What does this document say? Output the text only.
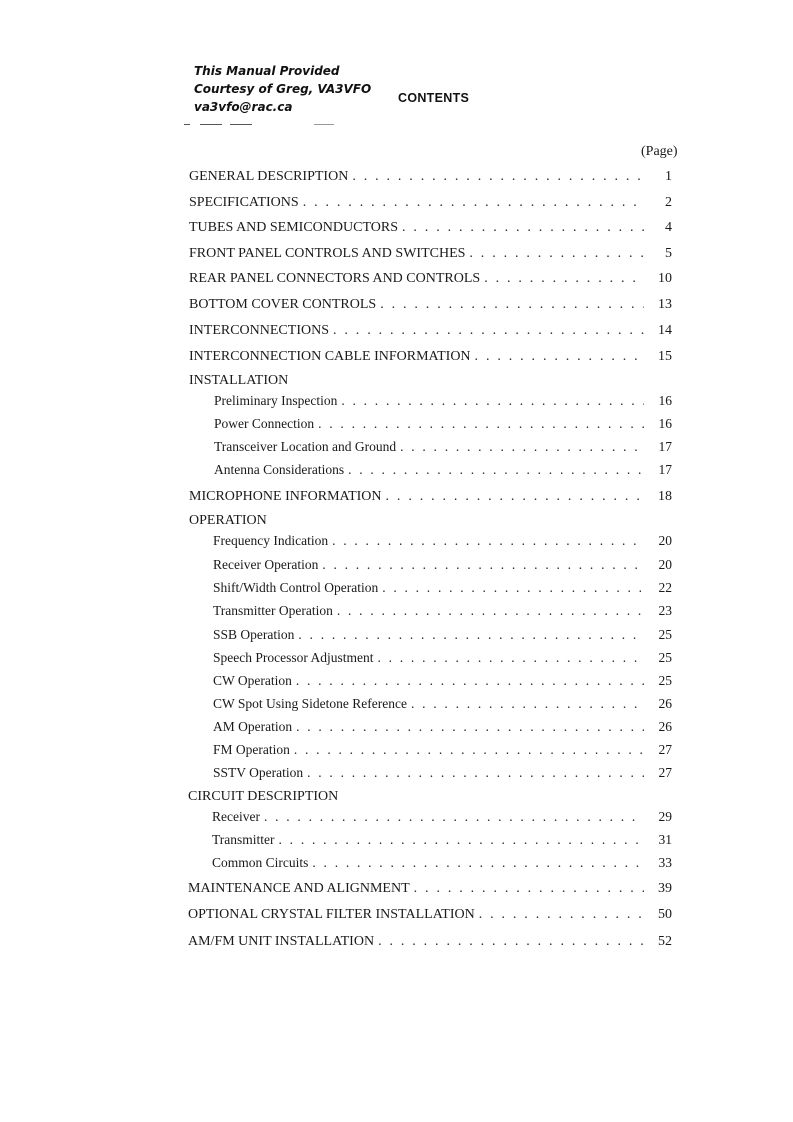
This Manual Provided
Courtesy of Greg, VA3VFO
va3vfo@rac.ca
CONTENTS
(Page)
GENERAL DESCRIPTION . . .	1
SPECIFICATIONS . . .	2
TUBES AND SEMICONDUCTORS . . .	4
FRONT PANEL CONTROLS AND SWITCHES . . .	5
REAR PANEL CONNECTORS AND CONTROLS . . .	10
BOTTOM COVER CONTROLS . . .	13
INTERCONNECTIONS . . .	14
INTERCONNECTION CABLE INFORMATION . . .	15
INSTALLATION
Preliminary Inspection . . .	16
Power Connection . . .	16
Transceiver Location and Ground . . .	17
Antenna Considerations . . .	17
MICROPHONE INFORMATION . . .	18
OPERATION
Frequency Indication . . .	20
Receiver Operation . . .	20
Shift/Width Control Operation . . .	22
Transmitter Operation . . .	23
SSB Operation . . .	25
Speech Processor Adjustment . . .	25
CW Operation . . .	25
CW Spot Using Sidetone Reference . . .	26
AM Operation . . .	26
FM Operation . . .	27
SSTV Operation . . .	27
CIRCUIT DESCRIPTION
Receiver . . .	29
Transmitter . . .	31
Common Circuits . . .	33
MAINTENANCE AND ALIGNMENT . . .	39
OPTIONAL CRYSTAL FILTER INSTALLATION . . .	50
AM/FM UNIT INSTALLATION . . .	52
